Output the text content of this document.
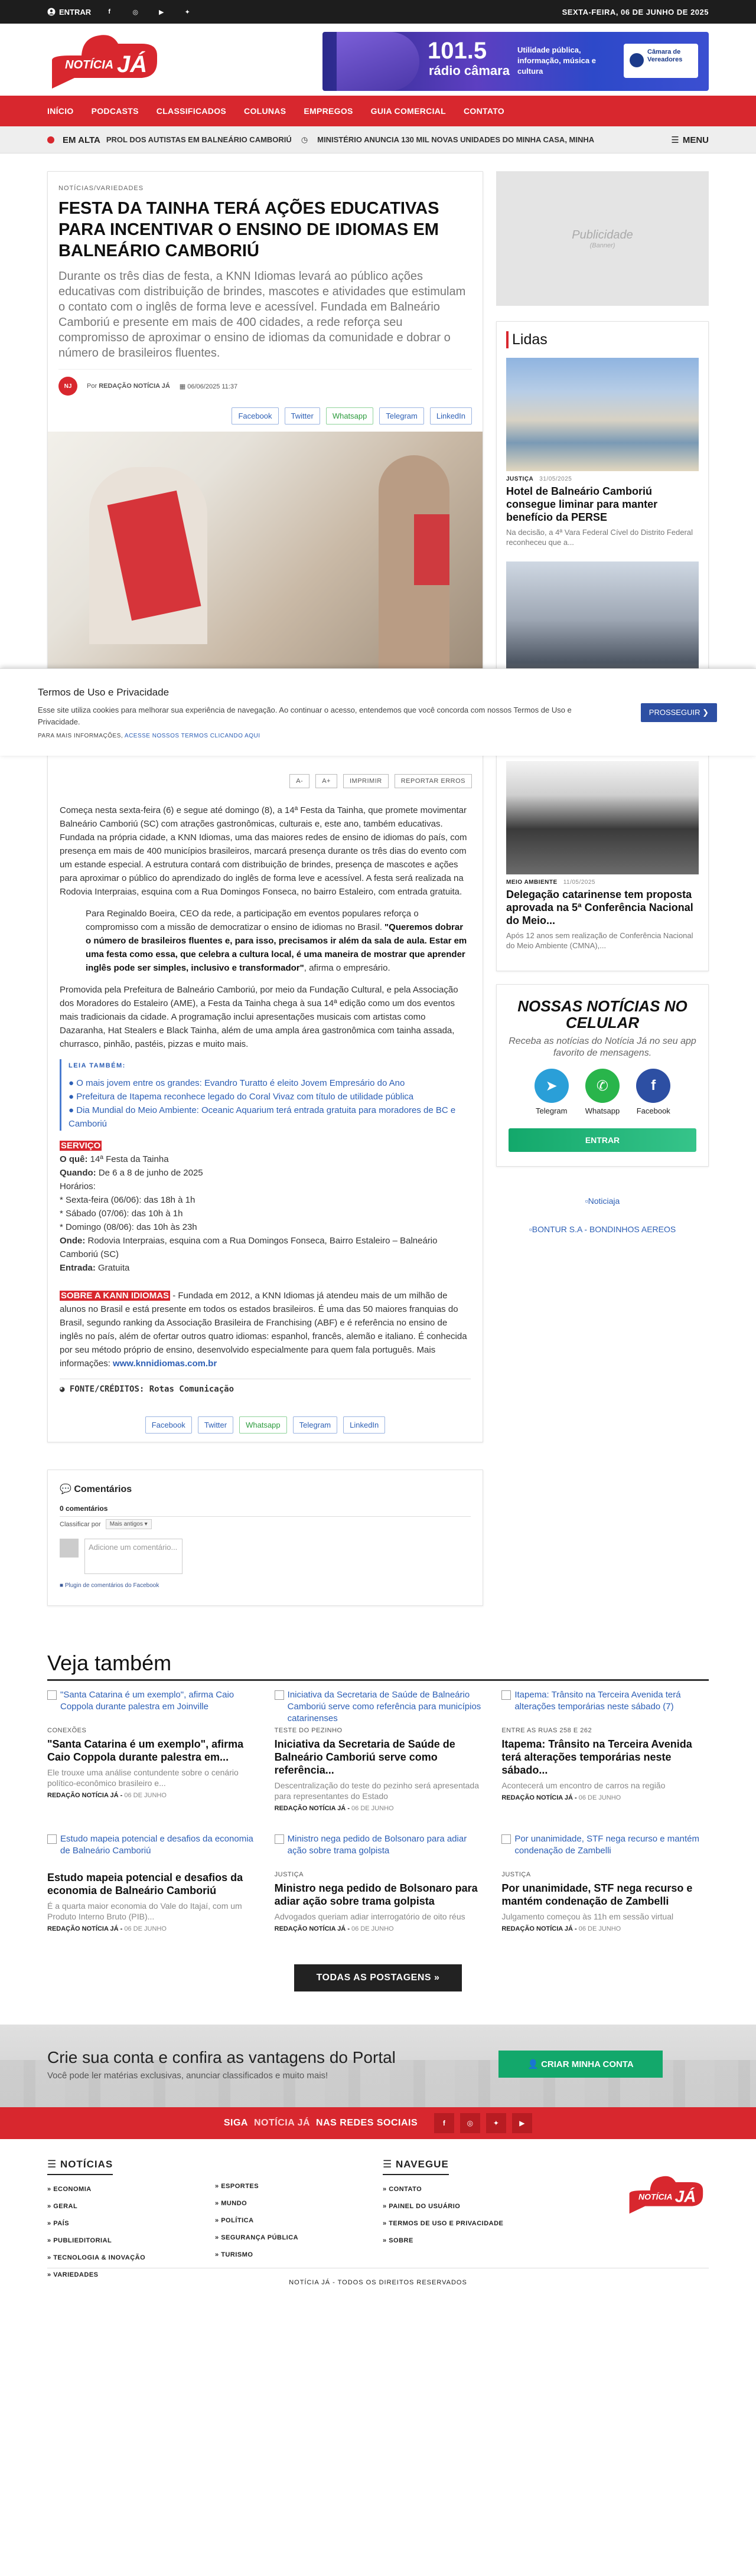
ENTRAR	f	◎	▶	✦	SEXTA-FEIRA, 06 DE JUNHO DE 2025
NOTÍCIA JÁ
101.5
rádio câmara
Utilidade pública, informação, música e cultura
Câmara de Vereadores
INÍCIO PODCASTS CLASSIFICADOS COLUNAS EMPREGOS GUIA COMERCIAL CONTATO
EM ALTA PROL DOS AUTISTAS EM BALNEÁRIO CAMBORIÚ ◷ MINISTÉRIO ANUNCIA 130 MIL NOVAS UNIDADES DO MINHA CASA, MINHA	☰ MENU
NOTÍCIAS/VARIEDADES
FESTA DA TAINHA TERÁ AÇÕES EDUCATIVAS PARA INCENTIVAR O ENSINO DE IDIOMAS EM BALNEÁRIO CAMBORIÚ
Durante os três dias de festa, a KNN Idiomas levará ao público ações educativas com distribuição de brindes, mascotes e atividades que estimulam o contato com o inglês de forma leve e acessível. Fundada em Balneário Camboriú e presente em mais de 400 cidades, a rede reforça seu compromisso de aproximar o ensino de idiomas da comunidade e dobrar o número de brasileiros fluentes.
NJ	Por REDAÇÃO NOTÍCIA JÁ ▦ 06/06/2025 11:37
Facebook	Twitter	Whatsapp	Telegram	LinkedIn
A-	A+	IMPRIMIR	REPORTAR ERROS

Começa nesta sexta-feira (6) e segue até domingo (8), a 14ª Festa da Tainha, que promete movimentar Balneário Camboriú (SC) com atrações gastronômicas, culturais e, este ano, também educativas. Fundada na própria cidade, a KNN Idiomas, uma das maiores redes de ensino de idiomas do país, com presença em mais de 400 municípios brasileiros, marcará presença durante os três dias do evento com um estande especial. A estrutura contará com distribuição de brindes, presença de mascotes e ações para aproximar o público do aprendizado do inglês de forma leve e acessível. A festa será realizada na Rodovia Interpraias, esquina com a Rua Domingos Fonseca, no bairro Estaleiro, com entrada gratuita.

Para Reginaldo Boeira, CEO da rede, a participação em eventos populares reforça o compromisso com a missão de democratizar o ensino de idiomas no Brasil. "Queremos dobrar o número de brasileiros fluentes e, para isso, precisamos ir além da sala de aula. Estar em uma festa como essa, que celebra a cultura local, é uma maneira de mostrar que aprender inglês pode ser simples, inclusivo e transformador", afirma o empresário.

Promovida pela Prefeitura de Balneário Camboriú, por meio da Fundação Cultural, e pela Associação dos Moradores do Estaleiro (AME), a Festa da Tainha chega à sua 14ª edição como um dos eventos mais tradicionais da cidade. A programação inclui apresentações musicais com artistas como Dazaranha, Hat Stealers e Black Tainha, além de uma ampla área gastronômica com tainha assada, churrasco, pinhão, pastéis, pizzas e muito mais.

LEIA TAMBÉM:
● O mais jovem entre os grandes: Evandro Turatto é eleito Jovem Empresário do Ano
● Prefeitura de Itapema reconhece legado do Coral Vivaz com título de utilidade pública
● Dia Mundial do Meio Ambiente: Oceanic Aquarium terá entrada gratuita para moradores de BC e Camboriú
SERVIÇO
O quê: 14ª Festa da Tainha
Quando: De 6 a 8 de junho de 2025
Horários:
* Sexta-feira (06/06): das 18h à 1h
* Sábado (07/06): das 10h à 1h
* Domingo (08/06): das 10h às 23h
Onde: Rodovia Interpraias, esquina com a Rua Domingos Fonseca, Bairro Estaleiro – Balneário Camboriú (SC)
Entrada: Gratuita

SOBRE A KANN IDIOMAS - Fundada em 2012, a KNN Idiomas já atendeu mais de um milhão de alunos no Brasil e está presente em todos os estados brasileiros. É uma das 50 maiores franquias do Brasil, segundo ranking da Associação Brasileira de Franchising (ABF) e é referência no ensino de inglês no país, além de ofertar outros quatro idiomas: espanhol, francês, alemão e italiano. É conhecida por seu método próprio de ensino, desenvolvido especialmente para quem fala português. Mais informações: www.knnidiomas.com.br

◕ FONTE/CRÉDITOS: Rotas Comunicação
Facebook	Twitter	Whatsapp	Telegram	LinkedIn
💬 Comentários
0 comentários
Classificar por	Mais antigos ▾
Adicione um comentário...
■ Plugin de comentários do Facebook
Publicidade
(Banner)
Lidas
JUSTIÇA 31/05/2025
Hotel de Balneário Camboriú consegue liminar para manter benefício da PERSE

Na decisão, a 4ª Vara Federal Cível do Distrito Federal reconheceu que a...

MEIO AMBIENTE 11/05/2025
Delegação catarinense tem proposta aprovada na 5ª Conferência Nacional do Meio...

Após 12 anos sem realização de Conferência Nacional do Meio Ambiente (CMNA),...

NOSSAS NOTÍCIAS NO CELULAR

Receba as notícias do Notícia Já no seu app favorito de mensagens.

➤
Telegram
✆
Whatsapp
f
Facebook
ENTRAR
▫Noticiaja
▫BONTUR S.A - BONDINHOS AEREOS
Termos de Uso e Privacidade

Esse site utiliza cookies para melhorar sua experiência de navegação. Ao continuar o acesso, entendemos que você concorda com nossos Termos de Uso e Privacidade.

PARA MAIS INFORMAÇÕES, ACESSE NOSSOS TERMOS CLICANDO AQUI
PROSSEGUIR ❯
Veja também
"Santa Catarina é um exemplo", afirma Caio Coppola durante palestra em Joinville
CONEXÕES
"Santa Catarina é um exemplo", afirma Caio Coppola durante palestra em...

Ele trouxe uma análise contundente sobre o cenário político-econômico brasileiro e...

REDAÇÃO NOTÍCIA JÁ - 06 DE JUNHO
Iniciativa da Secretaria de Saúde de Balneário Camboriú serve como referência para municípios catarinenses
TESTE DO PEZINHO
Iniciativa da Secretaria de Saúde de Balneário Camboriú serve como referência...

Descentralização do teste do pezinho será apresentada para representantes do Estado

REDAÇÃO NOTÍCIA JÁ - 06 DE JUNHO
Itapema: Trânsito na Terceira Avenida terá alterações temporárias neste sábado (7)
ENTRE AS RUAS 258 E 262
Itapema: Trânsito na Terceira Avenida terá alterações temporárias neste sábado...

Acontecerá um encontro de carros na região

REDAÇÃO NOTÍCIA JÁ - 06 DE JUNHO
Estudo mapeia potencial e desafios da economia de Balneário Camboriú
Estudo mapeia potencial e desafios da economia de Balneário Camboriú

É a quarta maior economia do Vale do Itajaí, com um Produto Interno Bruto (PIB)...

REDAÇÃO NOTÍCIA JÁ - 06 DE JUNHO
Ministro nega pedido de Bolsonaro para adiar ação sobre trama golpista
JUSTIÇA
Ministro nega pedido de Bolsonaro para adiar ação sobre trama golpista

Advogados queriam adiar interrogatório de oito réus

REDAÇÃO NOTÍCIA JÁ - 06 DE JUNHO
Por unanimidade, STF nega recurso e mantém condenação de Zambelli
JUSTIÇA
Por unanimidade, STF nega recurso e mantém condenação de Zambelli

Julgamento começou às 11h em sessão virtual

REDAÇÃO NOTÍCIA JÁ - 06 DE JUNHO
TODAS AS POSTAGENS »
Crie sua conta e confira as vantagens do Portal

Você pode ler matérias exclusivas, anunciar classificados e muito mais!

👤 CRIAR MINHA CONTA
SIGA NOTÍCIA JÁ NAS REDES SOCIAIS	f	◎	✦	▶
☰ NOTÍCIAS
» ECONOMIA
» GERAL
» PAÍS
» PUBLIEDITORIAL
» TECNOLOGIA & INOVAÇÃO
» VARIEDADES
» ESPORTES
» MUNDO
» POLÍTICA
» SEGURANÇA PÚBLICA
» TURISMO
☰ NAVEGUE
» CONTATO
» PAINEL DO USUÁRIO
» TERMOS DE USO E PRIVACIDADE
» SOBRE
NOTÍCIA JÁ
NOTÍCIA JÁ - TODOS OS DIREITOS RESERVADOS
